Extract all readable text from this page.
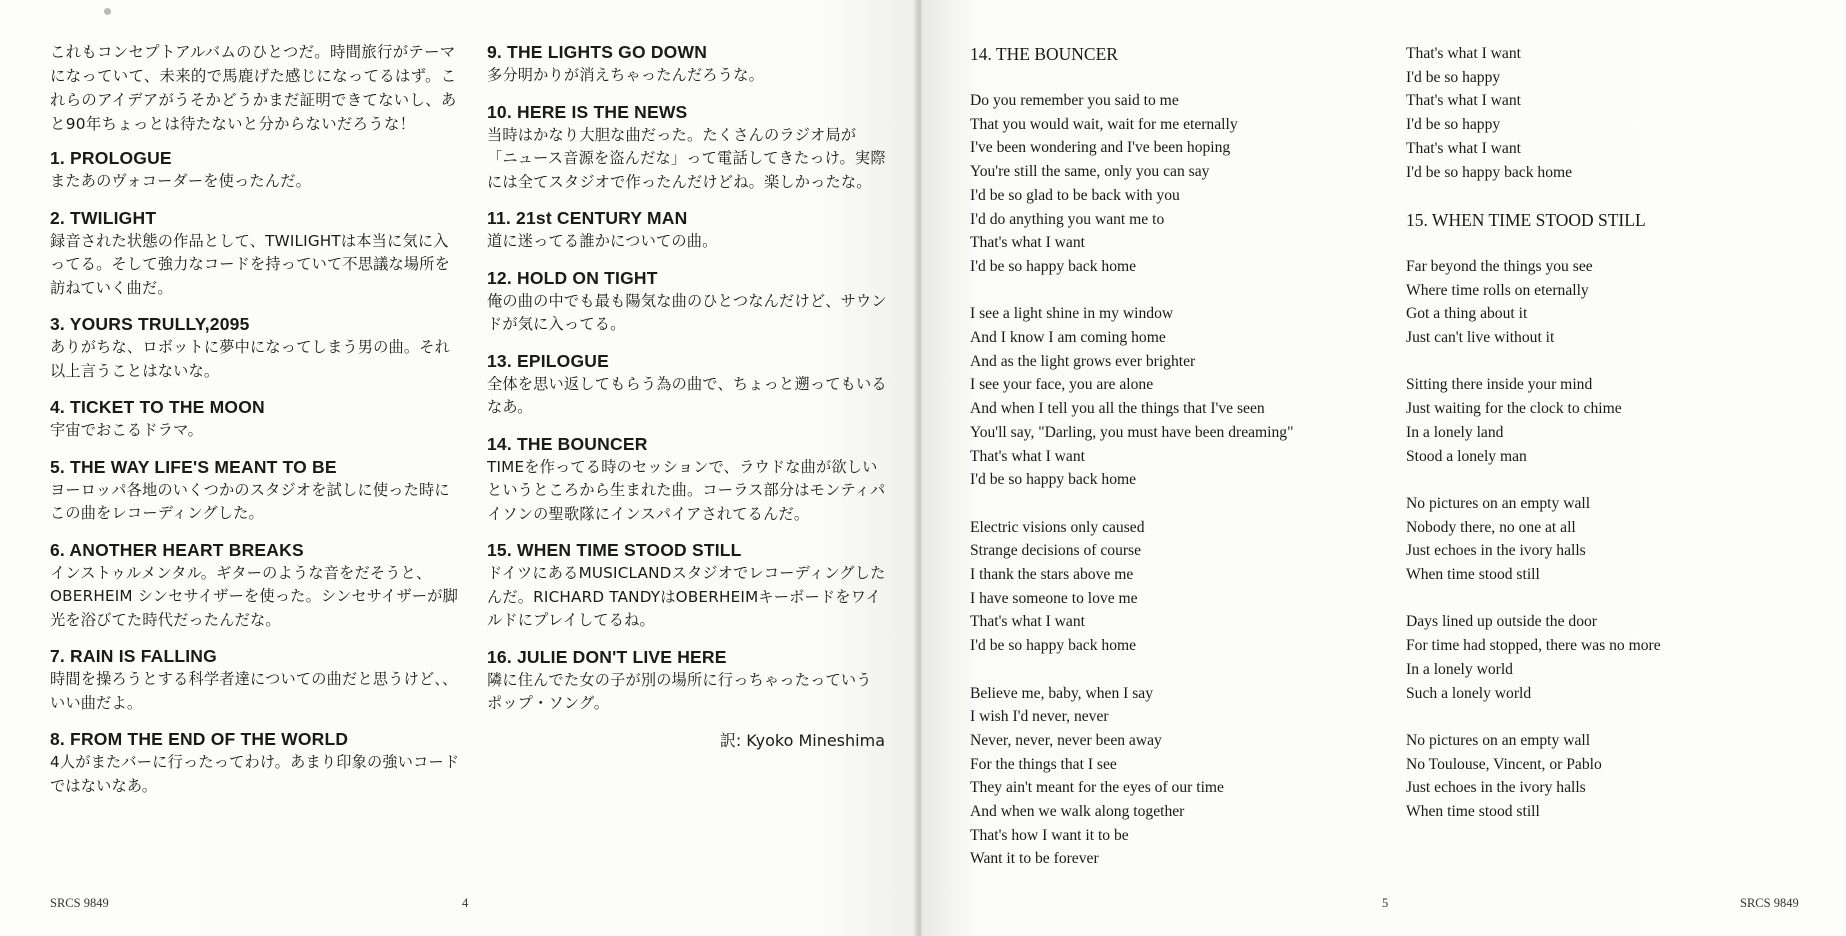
これもコンセプトアルバムのひとつだ。時間旅行がテーマになっていて、未来的で馬鹿げた感じになってるはず。これらのアイデアがうそかどうかまだ証明できてないし、あと90年ちょっとは待たないと分からないだろうな！

1. PROLOGUE
またあのヴォコーダーを使ったんだ。
2. TWILIGHT
録音された状態の作品として、TWILIGHTは本当に気に入ってる。そして強力なコードを持っていて不思議な場所を訪ねていく曲だ。
3. YOURS TRULLY,2095
ありがちな、ロボットに夢中になってしまう男の曲。それ以上言うことはないな。
4. TICKET TO THE MOON
宇宙でおこるドラマ。
5. THE WAY LIFE'S MEANT TO BE
ヨーロッパ各地のいくつかのスタジオを試しに使った時にこの曲をレコーディングした。
6. ANOTHER HEART BREAKS
インストゥルメンタル。ギターのような音をだそうと、OBERHEIM シンセサイザーを使った。シンセサイザーが脚光を浴びてた時代だったんだな。
7. RAIN IS FALLING
時間を操ろうとする科学者達についての曲だと思うけど、、いい曲だよ。
8. FROM THE END OF THE WORLD
4人がまたバーに行ったってわけ。あまり印象の強いコードではないなあ。
9. THE LIGHTS GO DOWN
多分明かりが消えちゃったんだろうな。
10. HERE IS THE NEWS
当時はかなり大胆な曲だった。たくさんのラジオ局が「ニュース音源を盗んだな」って電話してきたっけ。実際には全てスタジオで作ったんだけどね。楽しかったな。
11. 21st CENTURY MAN
道に迷ってる誰かについての曲。
12. HOLD ON TIGHT
俺の曲の中でも最も陽気な曲のひとつなんだけど、サウンドが気に入ってる。
13. EPILOGUE
全体を思い返してもらう為の曲で、ちょっと遡ってもいるなあ。
14. THE BOUNCER
TIMEを作ってる時のセッションで、ラウドな曲が欲しいというところから生まれた曲。コーラス部分はモンティパイソンの聖歌隊にインスパイアされてるんだ。
15. WHEN TIME STOOD STILL
ドイツにあるMUSICLANDスタジオでレコーディングしたんだ。RICHARD TANDYはOBERHEIMキーボードをワイルドにプレイしてるね。
16. JULIE DON'T LIVE HERE
隣に住んでた女の子が別の場所に行っちゃったっていうポップ・ソング。
訳: Kyoko Mineshima
SRCS 9849	4	5	SRCS 9849
14. THE BOUNCER
Do you remember you said to me
That you would wait, wait for me eternally
I've been wondering and I've been hoping
You're still the same, only you can say
I'd be so glad to be back with you
I'd do anything you want me to
That's what I want
I'd be so happy back home
I see a light shine in my window
And I know I am coming home
And as the light grows ever brighter
I see your face, you are alone
And when I tell you all the things that I've seen
You'll say, "Darling, you must have been dreaming"
That's what I want
I'd be so happy back home
Electric visions only caused
Strange decisions of course
I thank the stars above me
I have someone to love me
That's what I want
I'd be so happy back home
Believe me, baby, when I say
I wish I'd never, never
Never, never, never been away
For the things that I see
They ain't meant for the eyes of our time
And when we walk along together
That's how I want it to be
Want it to be forever
That's what I want
I'd be so happy
That's what I want
I'd be so happy
That's what I want
I'd be so happy back home
15. WHEN TIME STOOD STILL
Far beyond the things you see
Where time rolls on eternally
Got a thing about it
Just can't live without it
Sitting there inside your mind
Just waiting for the clock to chime
In a lonely land
Stood a lonely man
No pictures on an empty wall
Nobody there, no one at all
Just echoes in the ivory halls
When time stood still
Days lined up outside the door
For time had stopped, there was no more
In a lonely world
Such a lonely world
No pictures on an empty wall
No Toulouse, Vincent, or Pablo
Just echoes in the ivory halls
When time stood still
